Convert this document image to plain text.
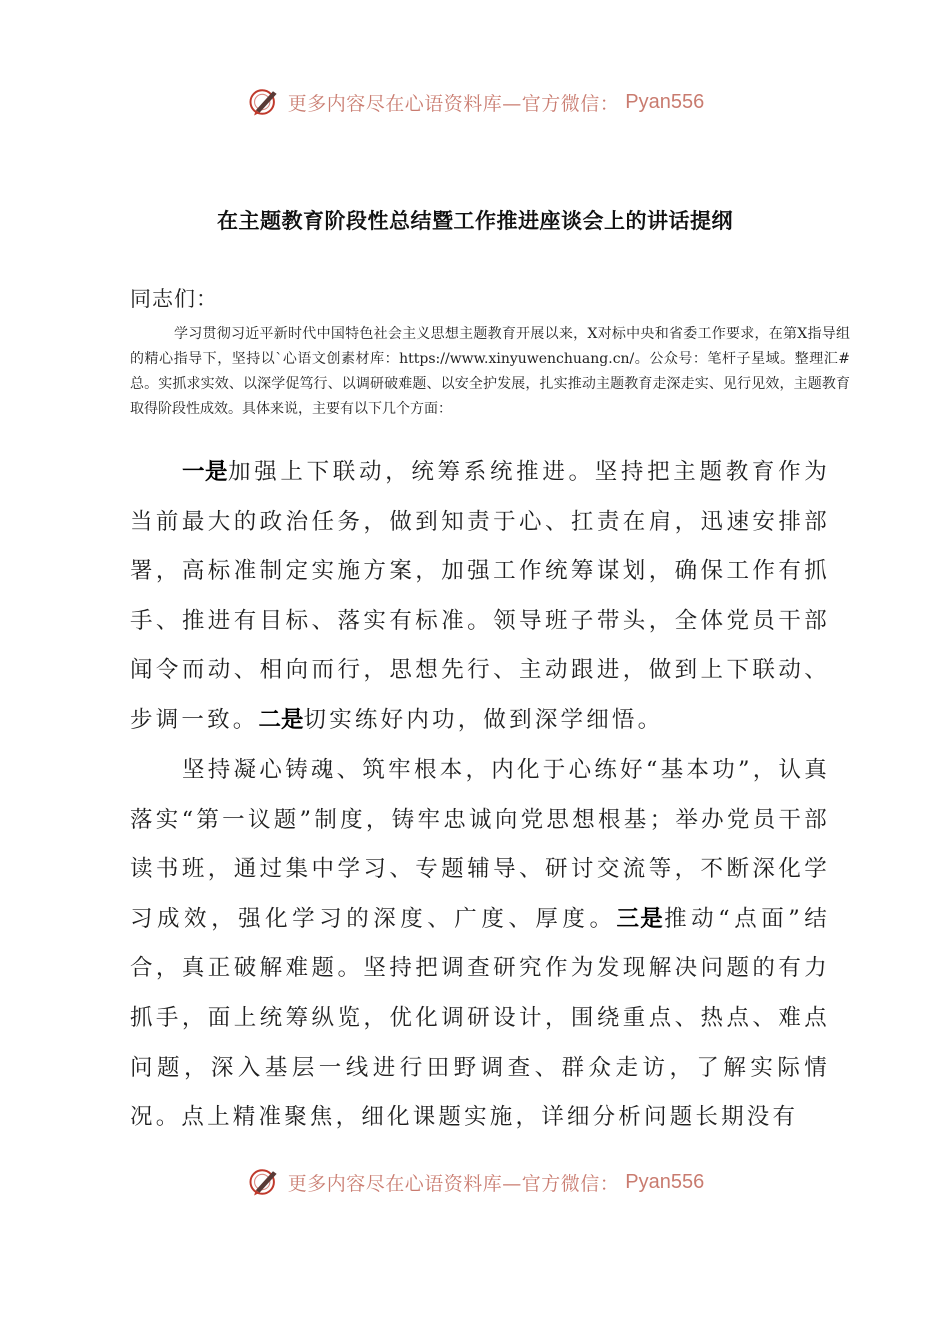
更多内容尽在心语资料库—官方微信： Pyan556
在主题教育阶段性总结暨工作推进座谈会上的讲话提纲
同志们：

学习贯彻习近平新时代中国特色社会主义思想主题教育开展以来，X对标中央和省委工作要求，在第X指导组的精心指导下，坚持以`心语文创素材库：https://www.xinyuwenchuang.cn/。公众号：笔杆子星域。整理汇#总。实抓求实效、以深学促笃行、以调研破难题、以安全护发展，扎实推动主题教育走深走实、见行见效，主题教育取得阶段性成效。具体来说，主要有以下几个方面：

一是加强上下联动，统筹系统推进。坚持把主题教育作为当前最大的政治任务，做到知责于心、扛责在肩，迅速安排部署，高标准制定实施方案，加强工作统筹谋划，确保工作有抓手、推进有目标、落实有标准。领导班子带头，全体党员干部闻令而动、相向而行，思想先行、主动跟进，做到上下联动、步调一致。二是切实练好内功，做到深学细悟。

坚持凝心铸魂、筑牢根本，内化于心练好“基本功”，认真落实“第一议题”制度，铸牢忠诚向党思想根基；举办党员干部读书班，通过集中学习、专题辅导、研讨交流等，不断深化学习成效，强化学习的深度、广度、厚度。三是推动“点面”结合，真正破解难题。坚持把调查研究作为发现解决问题的有力抓手，面上统筹纵览，优化调研设计，围绕重点、热点、难点问题，深入基层一线进行田野调查、群众走访，了解实际情况。点上精准聚焦，细化课题实施，详细分析问题长期没有

更多内容尽在心语资料库—官方微信： Pyan556
